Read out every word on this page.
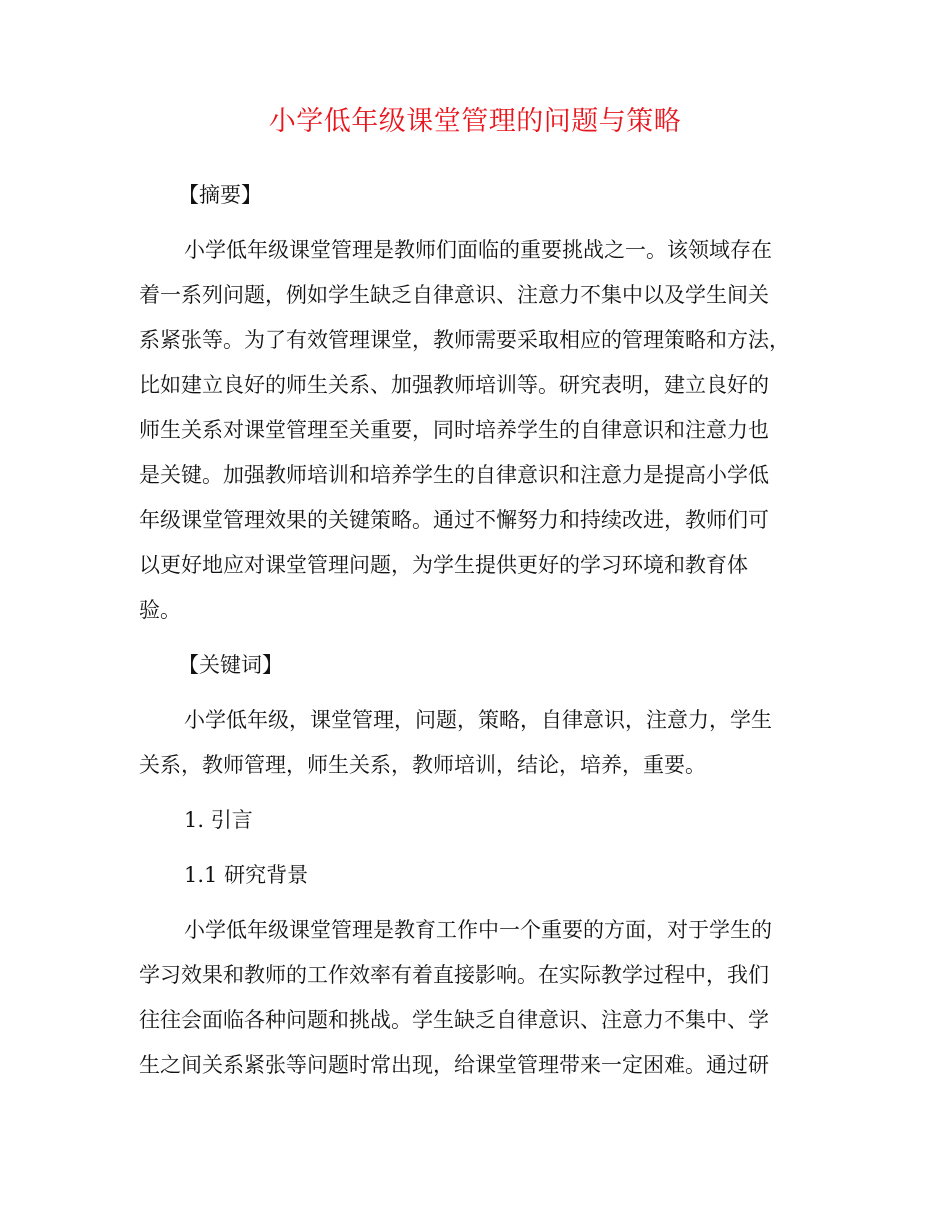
小学低年级课堂管理的问题与策略
【摘要】
小学低年级课堂管理是教师们面临的重要挑战之一。该领域存在
着一系列问题，例如学生缺乏自律意识、注意力不集中以及学生间关
系紧张等。为了有效管理课堂，教师需要采取相应的管理策略和方法，
比如建立良好的师生关系、加强教师培训等。研究表明，建立良好的
师生关系对课堂管理至关重要，同时培养学生的自律意识和注意力也
是关键。加强教师培训和培养学生的自律意识和注意力是提高小学低
年级课堂管理效果的关键策略。通过不懈努力和持续改进，教师们可
以更好地应对课堂管理问题，为学生提供更好的学习环境和教育体
验。
【关键词】
小学低年级，课堂管理，问题，策略，自律意识，注意力，学生
关系，教师管理，师生关系，教师培训，结论，培养，重要。
1. 引言
1.1 研究背景
小学低年级课堂管理是教育工作中一个重要的方面，对于学生的
学习效果和教师的工作效率有着直接影响。在实际教学过程中，我们
往往会面临各种问题和挑战。学生缺乏自律意识、注意力不集中、学
生之间关系紧张等问题时常出现，给课堂管理带来一定困难。通过研
